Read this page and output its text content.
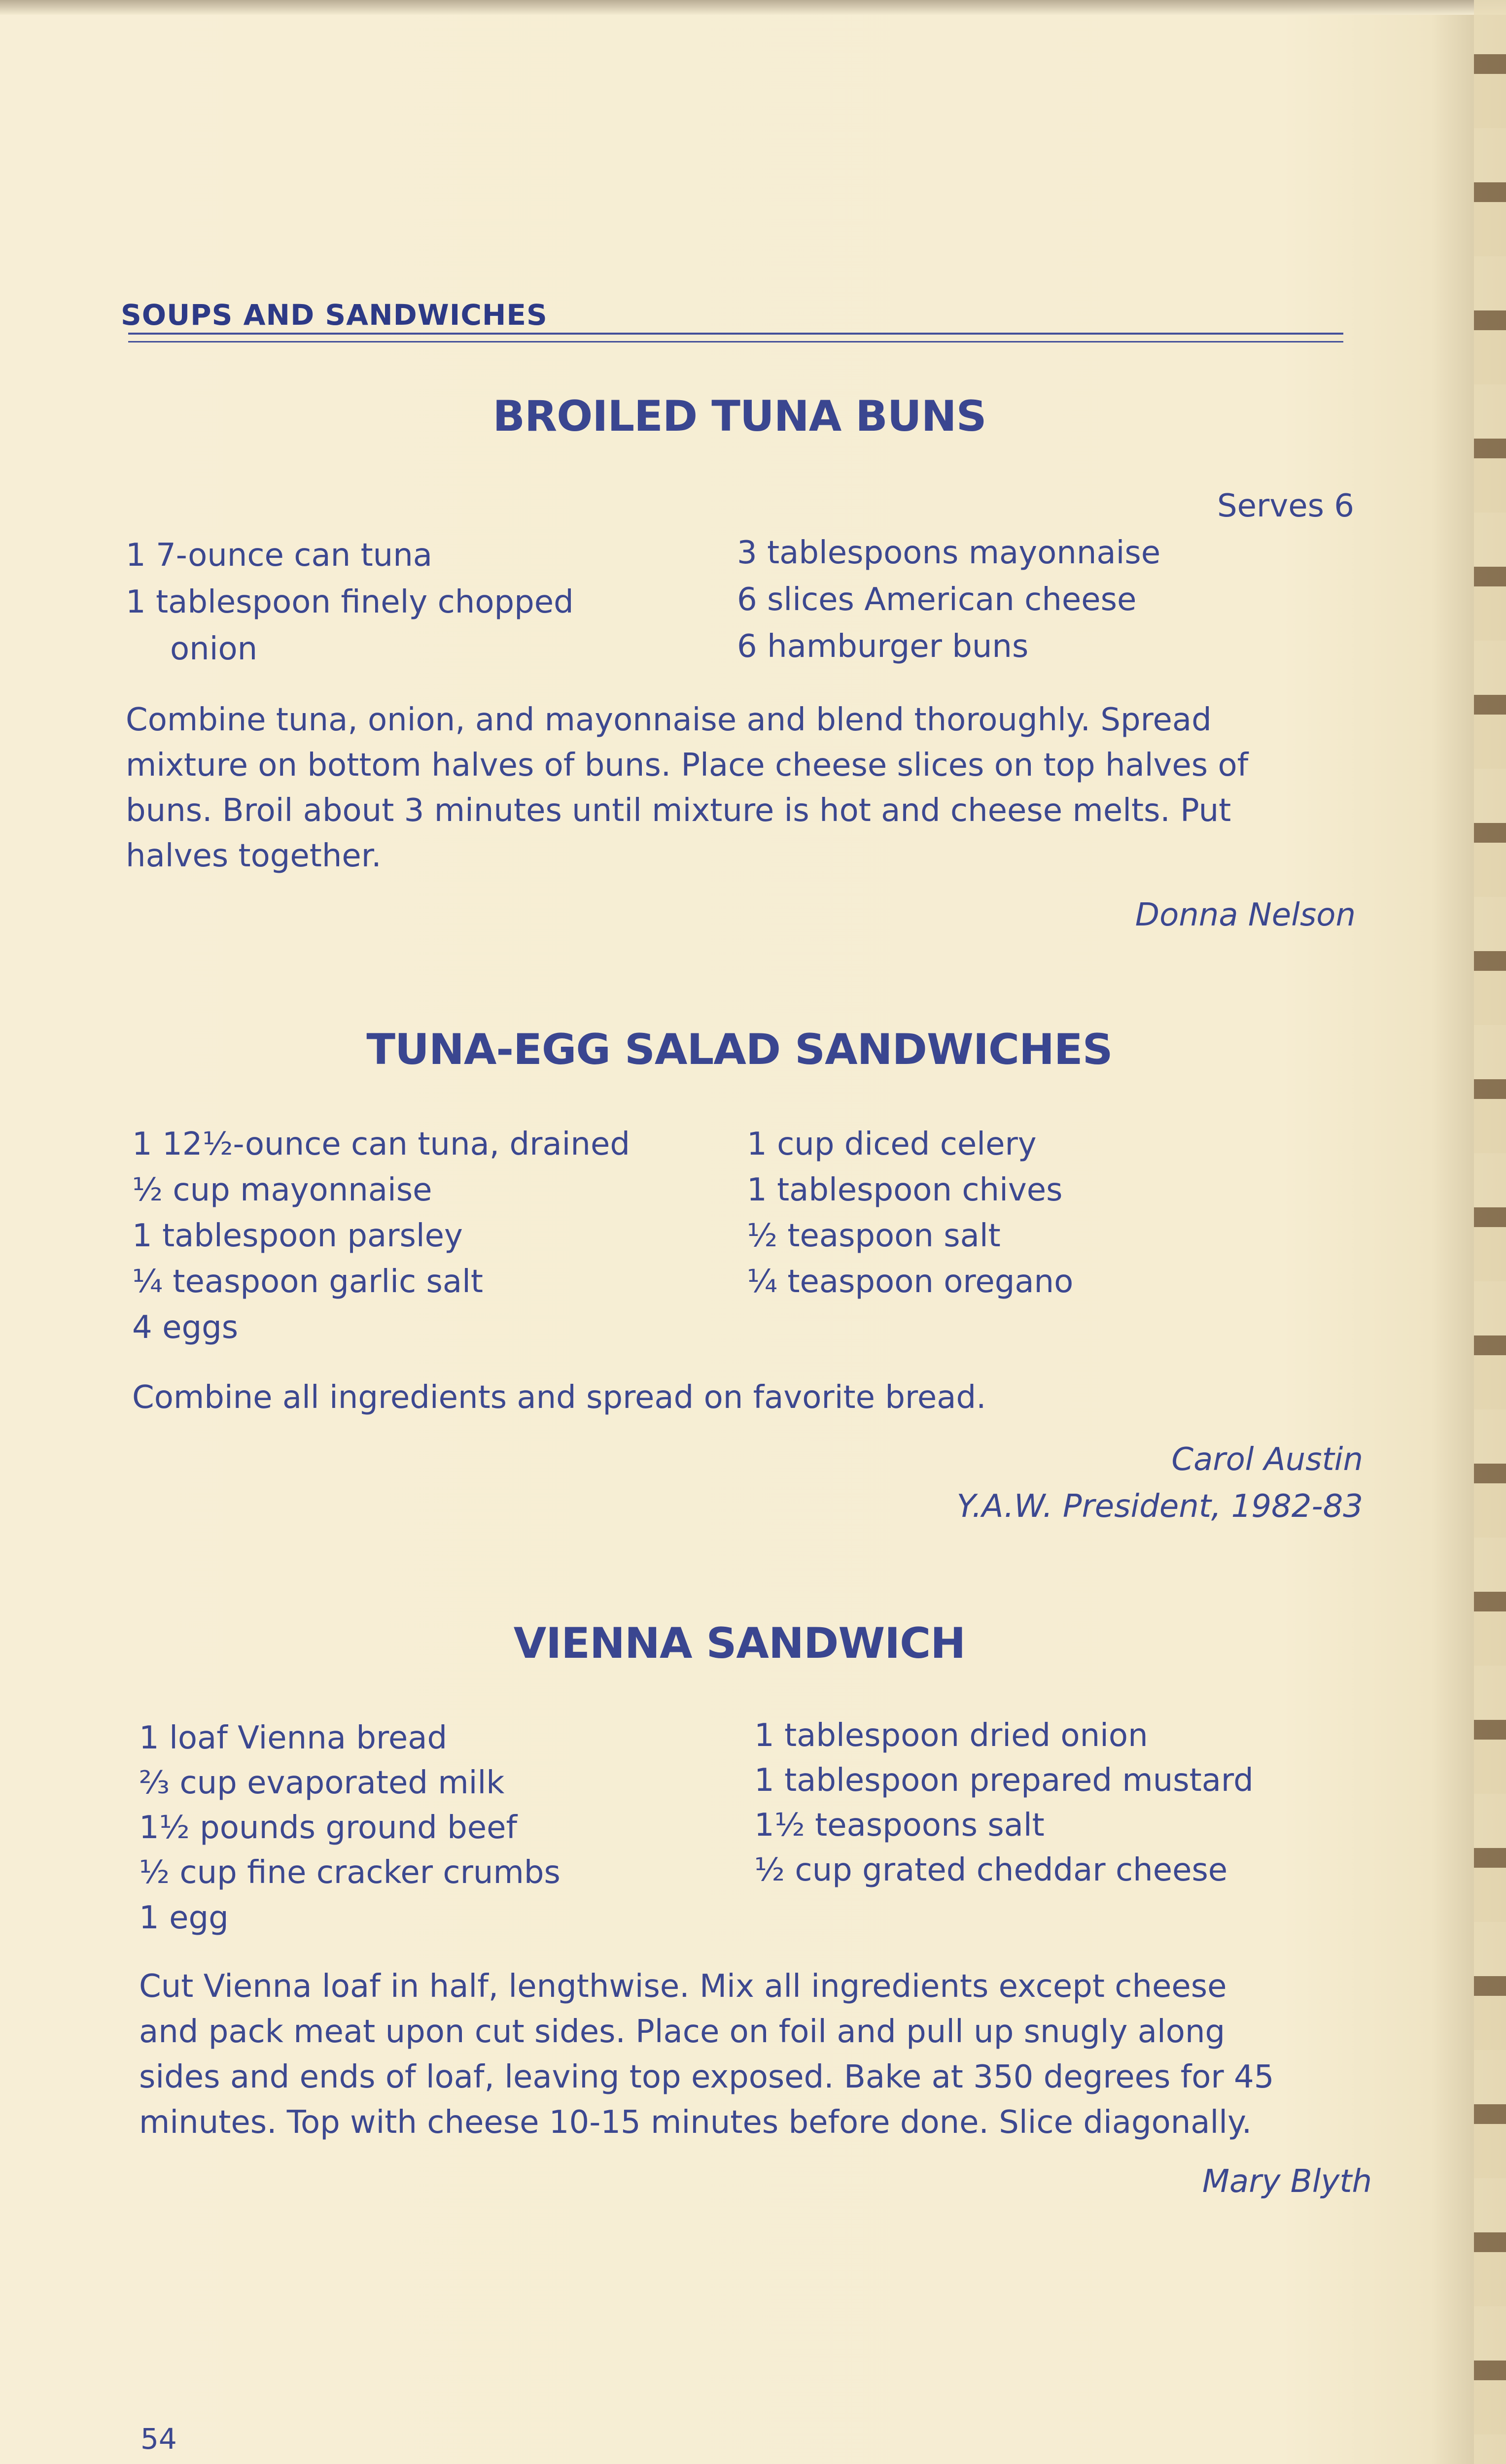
SOUPS AND SANDWICHES
BROILED TUNA BUNS
Serves 6
1 7-ounce can tuna
1 tablespoon finely chopped
onion
3 tablespoons mayonnaise
6 slices American cheese
6 hamburger buns
Combine tuna, onion, and mayonnaise and blend thoroughly. Spread
mixture on bottom halves of buns. Place cheese slices on top halves of
buns. Broil about 3 minutes until mixture is hot and cheese melts. Put
halves together.
Donna Nelson
TUNA-EGG SALAD SANDWICHES
1 12½-ounce can tuna, drained
½ cup mayonnaise
1 tablespoon parsley
¼ teaspoon garlic salt
4 eggs
1 cup diced celery
1 tablespoon chives
½ teaspoon salt
¼ teaspoon oregano
Combine all ingredients and spread on favorite bread.
Carol Austin
Y.A.W. President, 1982-83
VIENNA SANDWICH
1 loaf Vienna bread
⅔ cup evaporated milk
1½ pounds ground beef
½ cup fine cracker crumbs
1 egg
1 tablespoon dried onion
1 tablespoon prepared mustard
1½ teaspoons salt
½ cup grated cheddar cheese
Cut Vienna loaf in half, lengthwise. Mix all ingredients except cheese
and pack meat upon cut sides. Place on foil and pull up snugly along
sides and ends of loaf, leaving top exposed. Bake at 350 degrees for 45
minutes. Top with cheese 10-15 minutes before done. Slice diagonally.
Mary Blyth
54
